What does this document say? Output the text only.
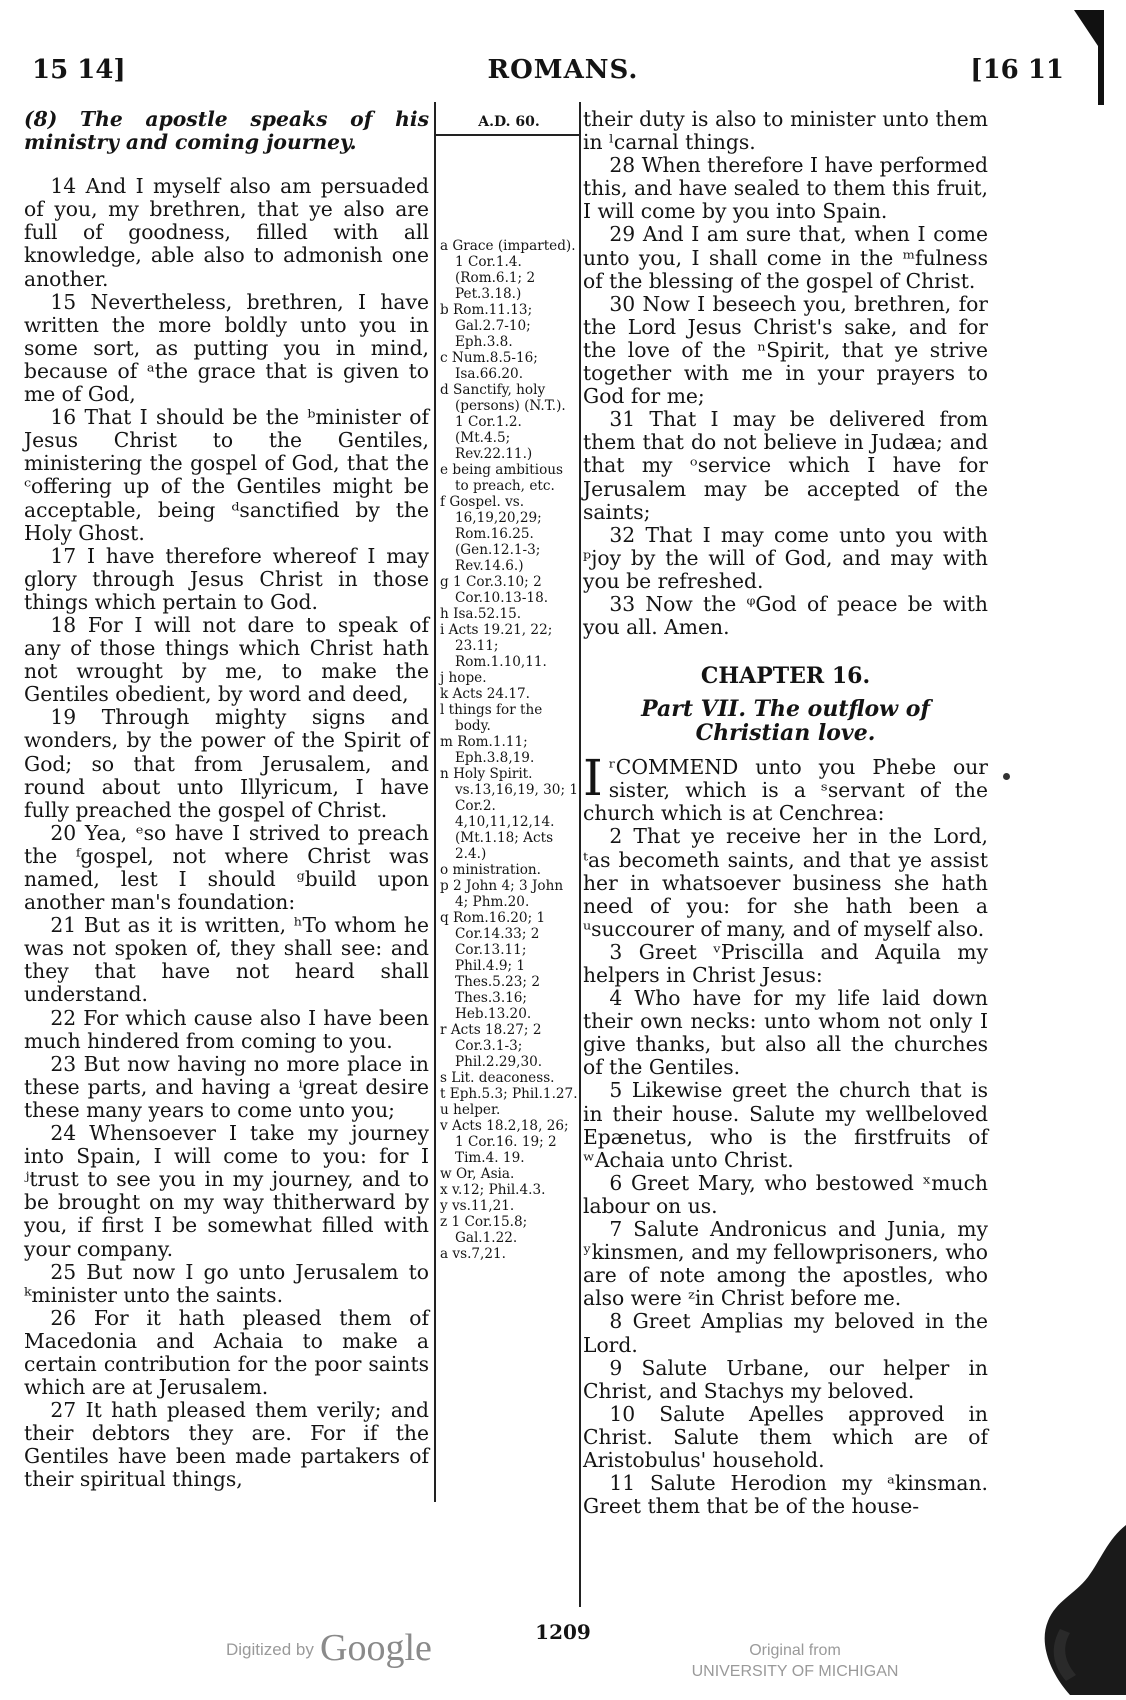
15 14]	ROMANS.	[16 11

(8) The apostle speaks of his ministry and coming journey.

14 And I myself also am persuaded of you, my brethren, that ye also are full of goodness, filled with all knowledge, able also to admonish one another.

15 Nevertheless, brethren, I have written the more boldly unto you in some sort, as putting you in mind, because of ᵃthe grace that is given to me of God,

16 That I should be the ᵇminister of Jesus Christ to the Gentiles, ministering the gospel of God, that the ᶜoffering up of the Gentiles might be acceptable, being ᵈsanctified by the Holy Ghost.

17 I have therefore whereof I may glory through Jesus Christ in those things which pertain to God.

18 For I will not dare to speak of any of those things which Christ hath not wrought by me, to make the Gentiles obedient, by word and deed,

19 Through mighty signs and wonders, by the power of the Spirit of God; so that from Jerusalem, and round about unto Illyricum, I have fully preached the gospel of Christ.

20 Yea, ᵉso have I strived to preach the ᶠgospel, not where Christ was named, lest I should ᵍbuild upon another man's foundation:

21 But as it is written, ʰTo whom he was not spoken of, they shall see: and they that have not heard shall understand.

22 For which cause also I have been much hindered from coming to you.

23 But now having no more place in these parts, and having a ⁱgreat desire these many years to come unto you;

24 Whensoever I take my journey into Spain, I will come to you: for I ʲtrust to see you in my journey, and to be brought on my way thitherward by you, if first I be somewhat filled with your company.

25 But now I go unto Jerusalem to ᵏminister unto the saints.

26 For it hath pleased them of Macedonia and Achaia to make a certain contribution for the poor saints which are at Jerusalem.

27 It hath pleased them verily; and their debtors they are. For if the Gentiles have been made partakers of their spiritual things,

A.D. 60.

a Grace (imparted). 1 Cor.1.4. (Rom.6.1; 2 Pet.3.18.)

b Rom.11.13; Gal.2.7-10; Eph.3.8.

c Num.8.5-16; Isa.66.20.

d Sanctify, holy (persons) (N.T.). 1 Cor.1.2. (Mt.4.5; Rev.22.11.)

e being ambitious to preach, etc.

f Gospel. vs. 16,19,20,29; Rom.16.25. (Gen.12.1-3; Rev.14.6.)

g 1 Cor.3.10; 2 Cor.10.13-18.

h Isa.52.15.

i Acts 19.21, 22; 23.11; Rom.1.10,11.

j hope.

k Acts 24.17.

l things for the body.

m Rom.1.11; Eph.3.8,19.

n Holy Spirit. vs.13,16,19, 30; 1 Cor.2. 4,10,11,12,14. (Mt.1.18; Acts 2.4.)

o ministration.

p 2 John 4; 3 John 4; Phm.20.

q Rom.16.20; 1 Cor.14.33; 2 Cor.13.11; Phil.4.9; 1 Thes.5.23; 2 Thes.3.16; Heb.13.20.

r Acts 18.27; 2 Cor.3.1-3; Phil.2.29,30.

s Lit. deaconess.

t Eph.5.3; Phil.1.27.

u helper.

v Acts 18.2,18, 26; 1 Cor.16. 19; 2 Tim.4. 19.

w Or, Asia.

x v.12; Phil.4.3.

y vs.11,21.

z 1 Cor.15.8; Gal.1.22.

a vs.7,21.

their duty is also to minister unto them in ˡcarnal things.

28 When therefore I have performed this, and have sealed to them this fruit, I will come by you into Spain.

29 And I am sure that, when I come unto you, I shall come in the ᵐfulness of the blessing of the gospel of Christ.

30 Now I beseech you, brethren, for the Lord Jesus Christ's sake, and for the love of the ⁿSpirit, that ye strive together with me in your prayers to God for me;

31 That I may be delivered from them that do not believe in Judæa; and that my ᵒservice which I have for Jerusalem may be accepted of the saints;

32 That I may come unto you with ᵖjoy by the will of God, and may with you be refreshed.

33 Now the ᵠGod of peace be with you all. Amen.

CHAPTER 16.

Part VII. The outflow of Christian love.

I ʳCOMMEND unto you Phebe our sister, which is a ˢservant of the church which is at Cenchrea:

2 That ye receive her in the Lord, ᵗas becometh saints, and that ye assist her in whatsoever business she hath need of you: for she hath been a ᵘsuccourer of many, and of myself also.

3 Greet ᵛPriscilla and Aquila my helpers in Christ Jesus:

4 Who have for my life laid down their own necks: unto whom not only I give thanks, but also all the churches of the Gentiles.

5 Likewise greet the church that is in their house. Salute my wellbeloved Epænetus, who is the firstfruits of ʷAchaia unto Christ.

6 Greet Mary, who bestowed ˣmuch labour on us.

7 Salute Andronicus and Junia, my ʸkinsmen, and my fellowprisoners, who are of note among the apostles, who also were ᶻin Christ before me.

8 Greet Amplias my beloved in the Lord.

9 Salute Urbane, our helper in Christ, and Stachys my beloved.

10 Salute Apelles approved in Christ. Salute them which are of Aristobulus' household.

11 Salute Herodion my ᵃkinsman. Greet them that be of the house-

1209
Digitized by Google	Original from
UNIVERSITY OF MICHIGAN
